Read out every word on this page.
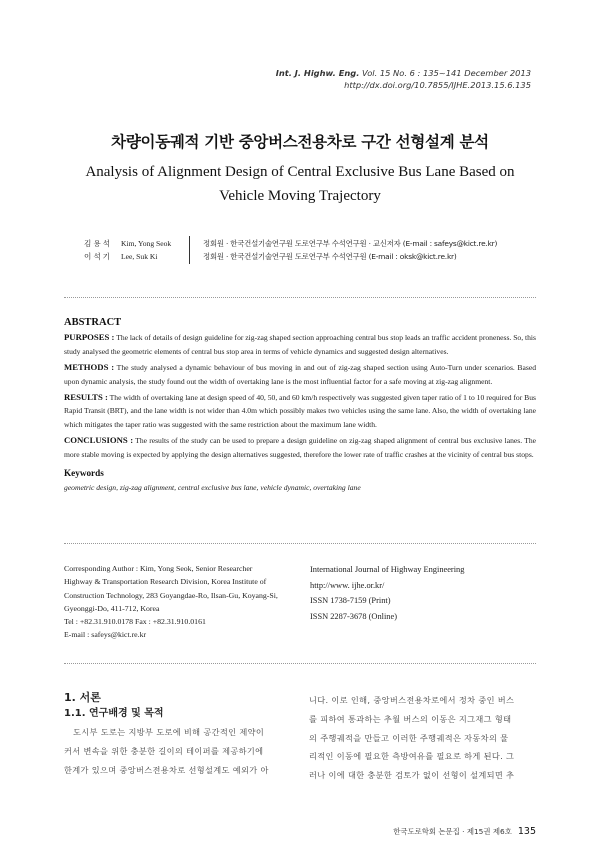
Int. J. Highw. Eng. Vol. 15 No. 6 : 135~141 December 2013
http://dx.doi.org/10.7855/IJHE.2013.15.6.135
차량이동궤적 기반 중앙버스전용차로 구간 선형설계 분석
Analysis of Alignment Design of Central Exclusive Bus Lane Based on
Vehicle Moving Trajectory
김용석 Kim, Yong Seok	정회원 · 한국건설기술연구원 도로연구부 수석연구원 · 교신저자 (E-mail : safeys@kict.re.kr)
이석기 Lee, Suk Ki	정회원 · 한국건설기술연구원 도로연구부 수석연구원 (E-mail : oksk@kict.re.kr)
ABSTRACT

PURPOSES : The lack of details of design guideline for zig-zag shaped section approaching central bus stop leads an traffic accident proneness. So, this study analysed the geometric elements of central bus stop area in terms of vehicle dynamics and suggested design alternatives.

METHODS : The study analysed a dynamic behaviour of bus moving in and out of zig-zag shaped section using Auto-Turn under scenarios. Based upon dynamic analysis, the study found out the width of overtaking lane is the most influential factor for a safe moving at zig-zag alignment.

RESULTS : The width of overtaking lane at design speed of 40, 50, and 60 km/h respectively was suggested given taper ratio of 1 to 10 required for Bus Rapid Transit (BRT), and the lane width is not wider than 4.0m which possibly makes two vehicles using the same lane. Also, the width of overtaking lane which mitigates the taper ratio was suggested with the same restriction about the maximum lane width.

CONCLUSIONS : The results of the study can be used to prepare a design guideline on zig-zag shaped alignment of central bus exclusive lanes. The more stable moving is expected by applying the design alternatives suggested, therefore the lower rate of traffic crashes at the vicinity of central bus stops.

Keywords
geometric design, zig-zag alignment, central exclusive bus lane, vehicle dynamic, overtaking lane
Corresponding Author : Kim, Yong Seok, Senior Researcher
Highway & Transportation Research Division, Korea Institute of
Construction Technology, 283 Goyangdae-Ro, Ilsan-Gu, Koyang-Si,
Gyeonggi-Do, 411-712, Korea
Tel : +82.31.910.0178 Fax : +82.31.910.0161
E-mail : safeys@kict.re.kr
International Journal of Highway Engineering
http://www. ijhe.or.kr/
ISSN 1738-7159 (Print)
ISSN 2287-3678 (Online)
1. 서론
1.1. 연구배경 및 목적
도시부 도로는 지방부 도로에 비해 공간적인 제약이
커서 변속을 위한 충분한 길이의 테이퍼를 제공하기에
한계가 있으며 중앙버스전용차로 선형설계도 예외가 아
니다. 이로 인해, 중앙버스전용차로에서 정차 중인 버스
를 피하여 통과하는 추월 버스의 이동은 지그재그 형태
의 주행궤적을 만들고 이러한 주행궤적은 자동차의 물
리적인 이동에 필요한 측방여유를 필요로 하게 된다. 그
러나 이에 대한 충분한 검토가 없이 선형이 설계되면 추
한국도로학회 논문집 · 제15권 제6호 135
